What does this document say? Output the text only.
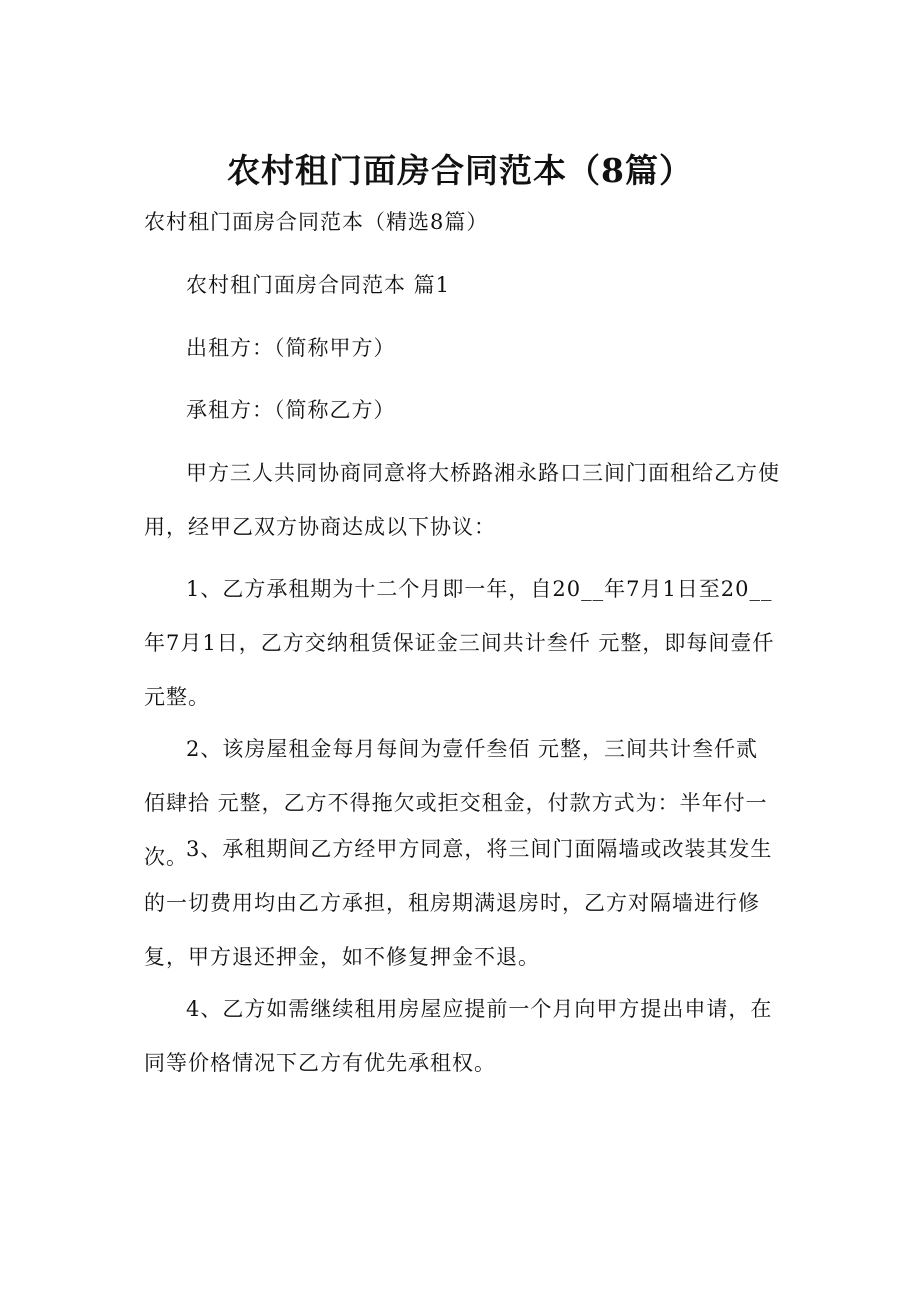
农村租门面房合同范本（8篇）
农村租门面房合同范本（精选8篇）

农村租门面房合同范本 篇1

出租方：（简称甲方）

承租方：（简称乙方）

甲方三人共同协商同意将大桥路湘永路口三间门面租给乙方使用，经甲乙双方协商达成以下协议：

1、乙方承租期为十二个月即一年，自20__年7月1日至20__年7月1日，乙方交纳租赁保证金三间共计叁仟 元整，即每间壹仟元整。

2、该房屋租金每月每间为壹仟叁佰 元整，三间共计叁仟贰佰肆拾 元整，乙方不得拖欠或拒交租金，付款方式为：半年付一次。

3、承租期间乙方经甲方同意，将三间门面隔墙或改装其发生的一切费用均由乙方承担，租房期满退房时，乙方对隔墙进行修复，甲方退还押金，如不修复押金不退。

4、乙方如需继续租用房屋应提前一个月向甲方提出申请，在同等价格情况下乙方有优先承租权。
